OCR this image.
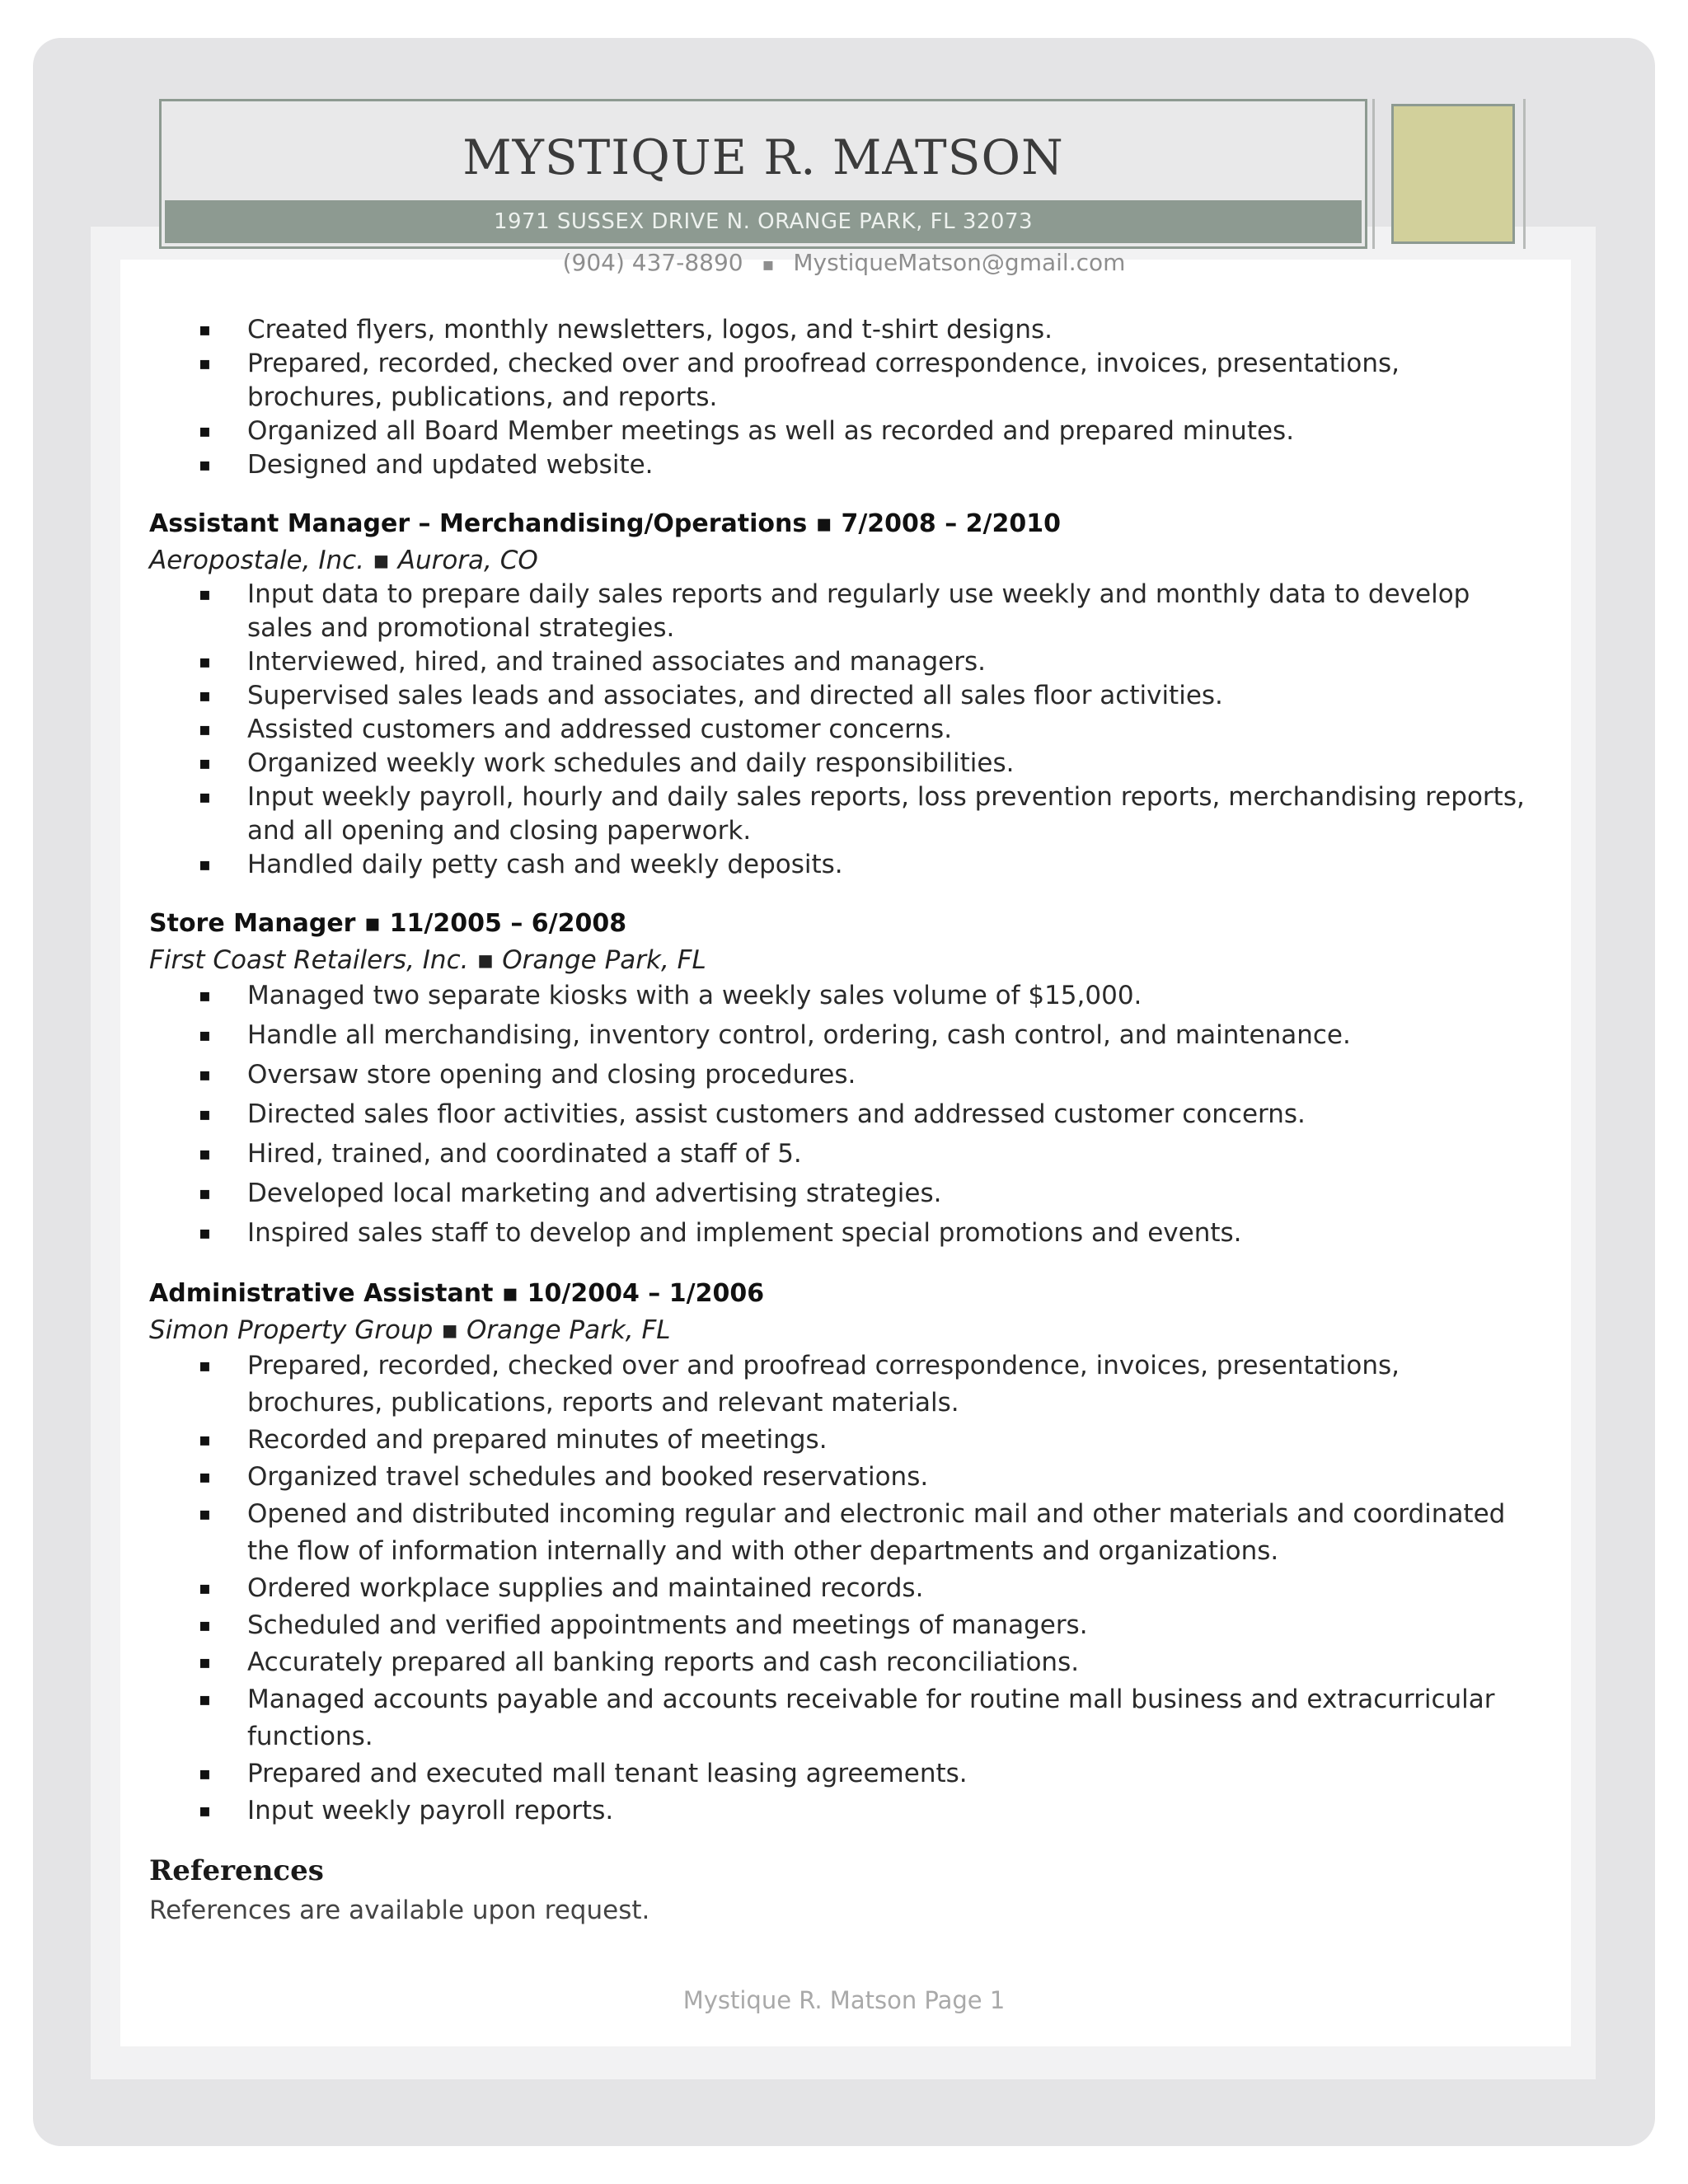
MYSTIQUE R. MATSON
1971 SUSSEX DRIVE N. ORANGE PARK, FL 32073
(904) 437-8890 ▪ MystiqueMatson@gmail.com
▪ Created flyers, monthly newsletters, logos, and t-shirt designs.
▪ Prepared, recorded, checked over and proofread correspondence, invoices, presentations, brochures, publications, and reports.
▪ Organized all Board Member meetings as well as recorded and prepared minutes.
▪ Designed and updated website.
Assistant Manager – Merchandising/Operations ▪ 7/2008 – 2/2010
Aeropostale, Inc. ▪ Aurora, CO
▪ Input data to prepare daily sales reports and regularly use weekly and monthly data to develop sales and promotional strategies.
▪ Interviewed, hired, and trained associates and managers.
▪ Supervised sales leads and associates, and directed all sales floor activities.
▪ Assisted customers and addressed customer concerns.
▪ Organized weekly work schedules and daily responsibilities.
▪ Input weekly payroll, hourly and daily sales reports, loss prevention reports, merchandising reports, and all opening and closing paperwork.
▪ Handled daily petty cash and weekly deposits.
Store Manager ▪ 11/2005 – 6/2008
First Coast Retailers, Inc. ▪ Orange Park, FL
▪ Managed two separate kiosks with a weekly sales volume of $15,000.
▪ Handle all merchandising, inventory control, ordering, cash control, and maintenance.
▪ Oversaw store opening and closing procedures.
▪ Directed sales floor activities, assist customers and addressed customer concerns.
▪ Hired, trained, and coordinated a staff of 5.
▪ Developed local marketing and advertising strategies.
▪ Inspired sales staff to develop and implement special promotions and events.
Administrative Assistant ▪ 10/2004 – 1/2006
Simon Property Group ▪ Orange Park, FL
▪ Prepared, recorded, checked over and proofread correspondence, invoices, presentations, brochures, publications, reports and relevant materials.
▪ Recorded and prepared minutes of meetings.
▪ Organized travel schedules and booked reservations.
▪ Opened and distributed incoming regular and electronic mail and other materials and coordinated the flow of information internally and with other departments and organizations.
▪ Ordered workplace supplies and maintained records.
▪ Scheduled and verified appointments and meetings of managers.
▪ Accurately prepared all banking reports and cash reconciliations.
▪ Managed accounts payable and accounts receivable for routine mall business and extracurricular functions.
▪ Prepared and executed mall tenant leasing agreements.
▪ Input weekly payroll reports.
References
References are available upon request.
Mystique R. Matson Page 1
